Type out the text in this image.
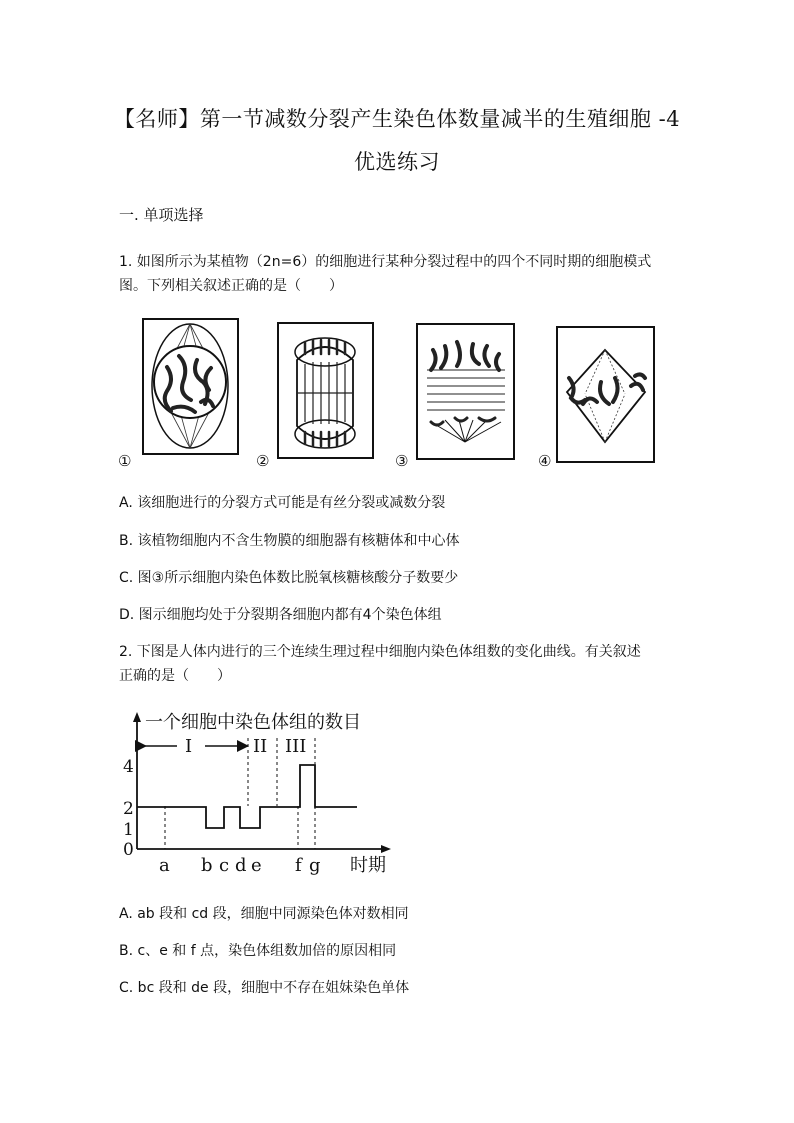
【名师】第一节减数分裂产生染色体数量减半的生殖细胞 -4
优选练习
一. 单项选择
1. 如图所示为某植物（2n=6）的细胞进行某种分裂过程中的四个不同时期的细胞模式
图。下列相关叙述正确的是（　　）
①	②	③	④
A. 该细胞进行的分裂方式可能是有丝分裂或减数分裂
B. 该植物细胞内不含生物膜的细胞器有核糖体和中心体
C. 图③所示细胞内染色体数比脱氧核糖核酸分子数要少
D. 图示细胞均处于分裂期各细胞内都有4个染色体组
2. 下图是人体内进行的三个连续生理过程中细胞内染色体组数的变化曲线。有关叙述
正确的是（　　）
一个细胞中染色体组的数目
0
1
2
4
I	II III
a b c d e f g 时期
A. ab 段和 cd 段，细胞中同源染色体对数相同
B. c、e 和 f 点，染色体组数加倍的原因相同
C. bc 段和 de 段，细胞中不存在姐妹染色单体
